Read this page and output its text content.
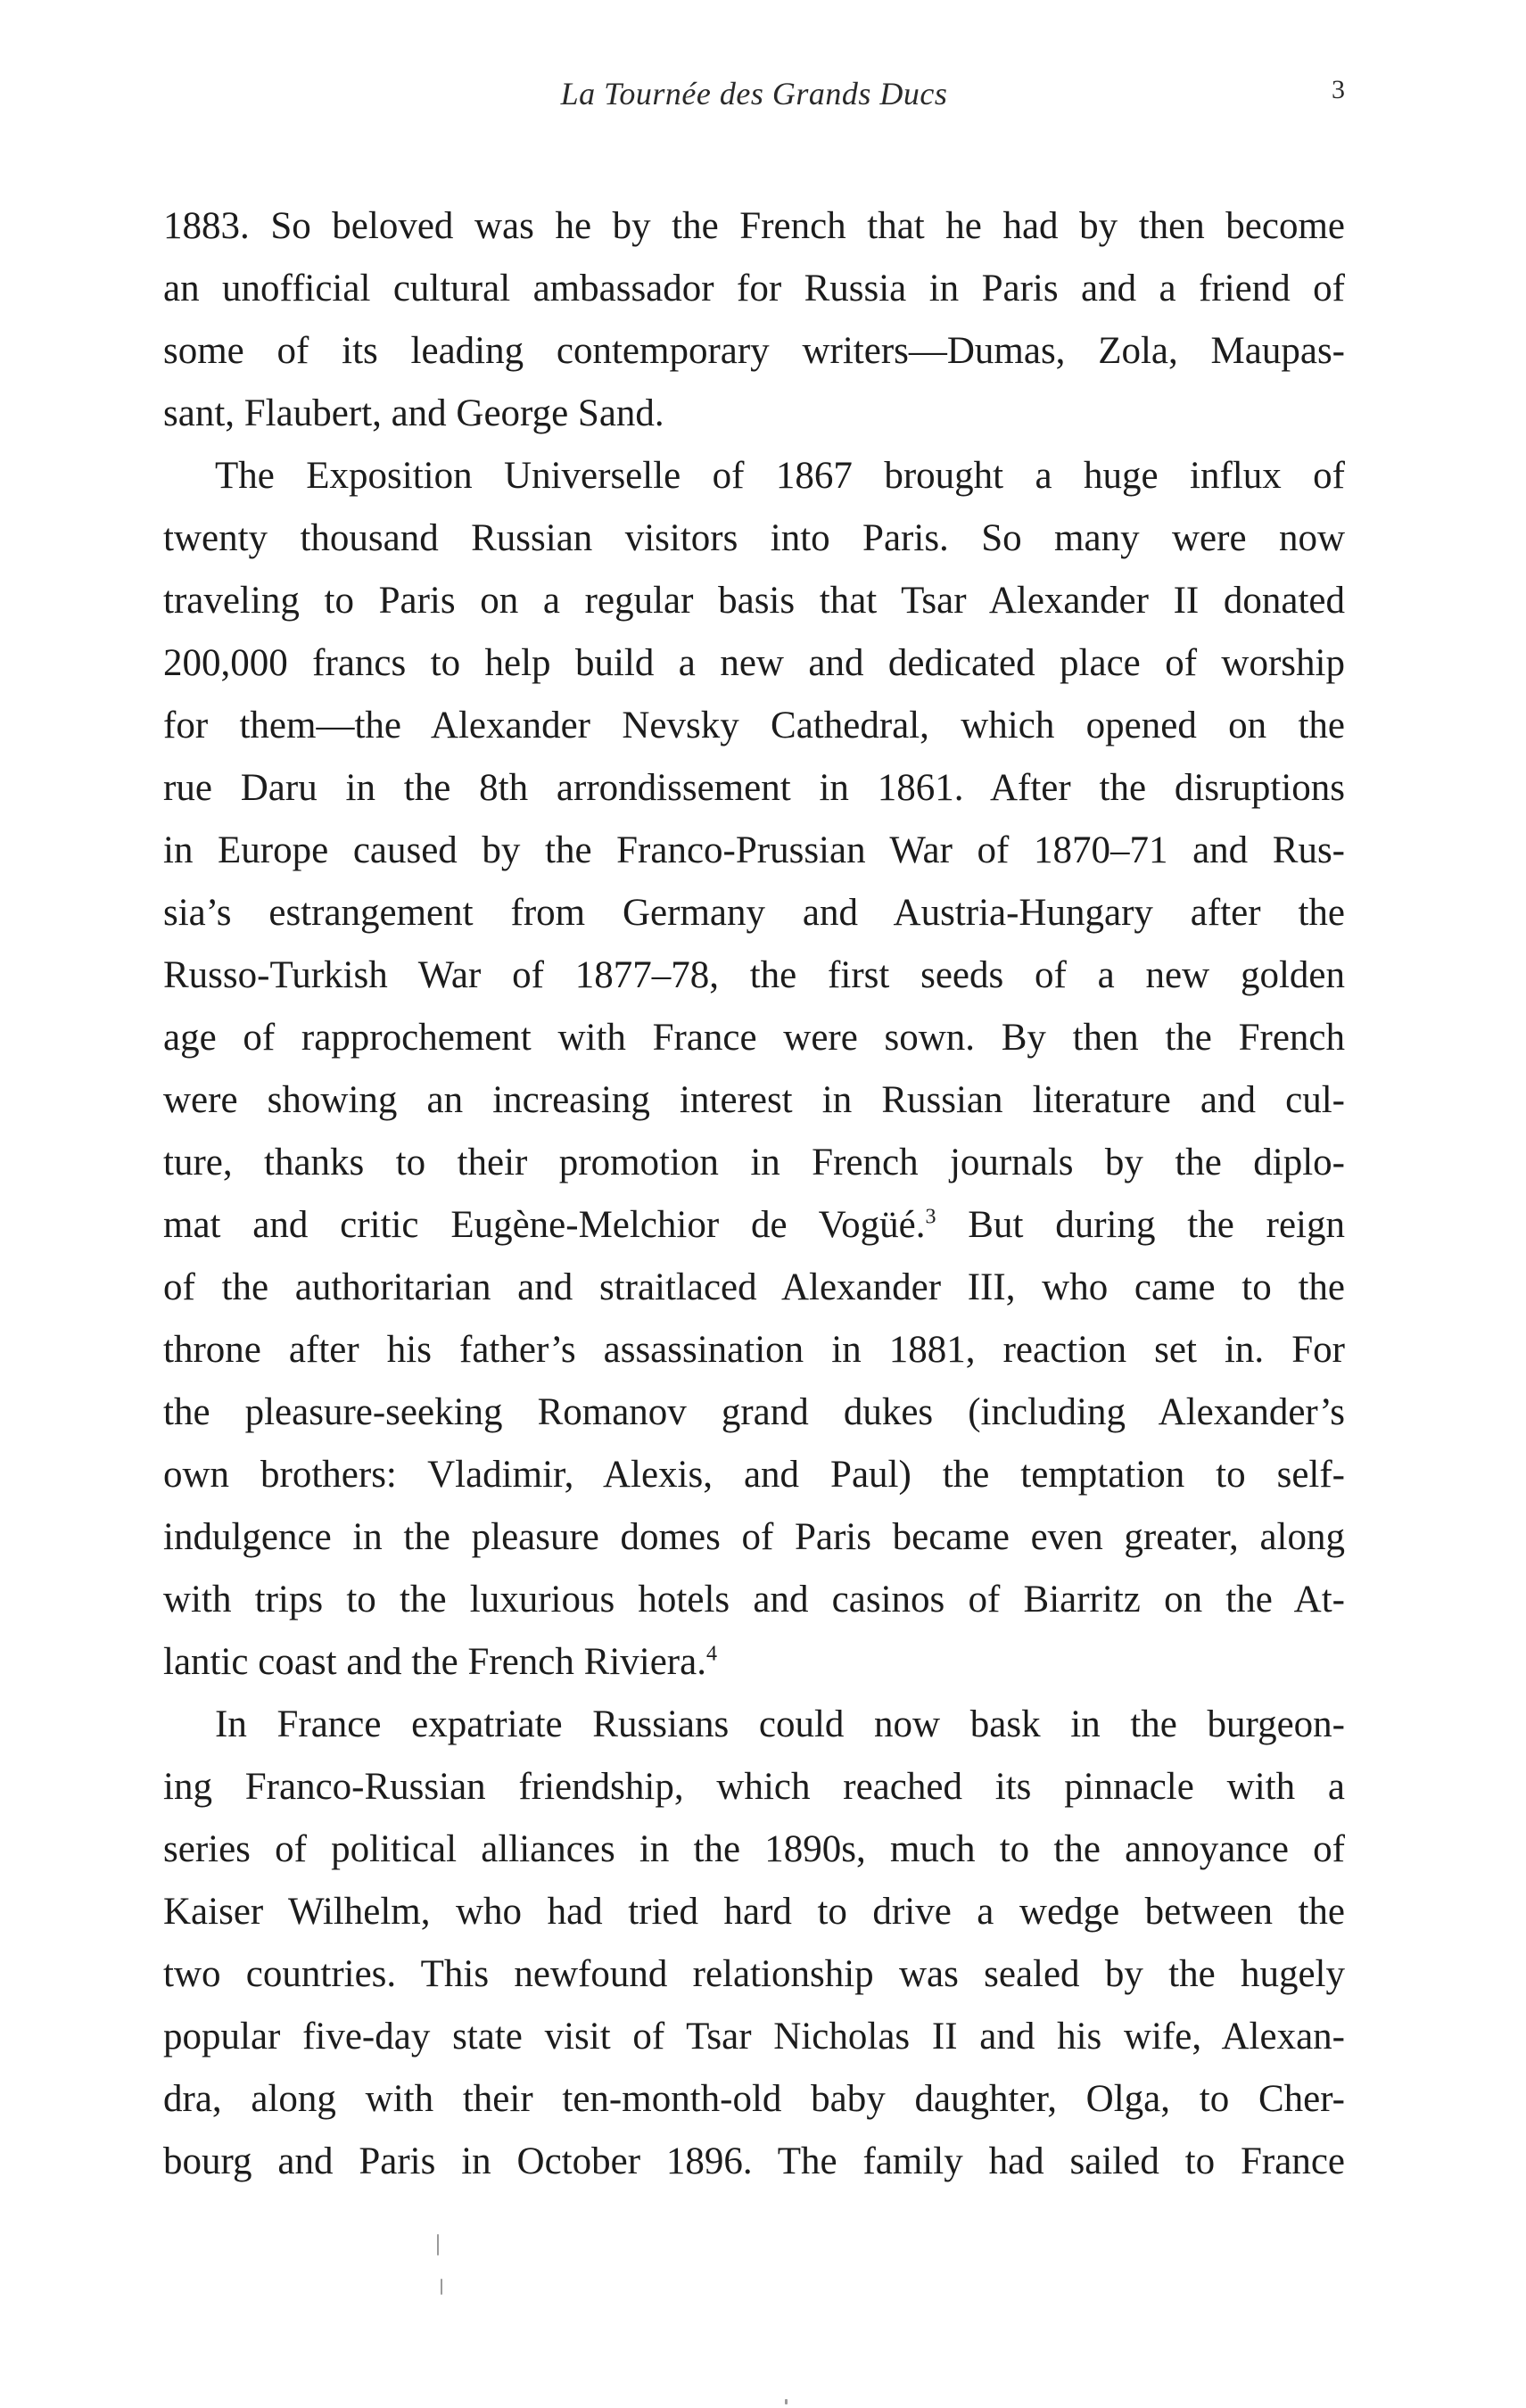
La Tournée des Grands Ducs	3
1883. So beloved was he by the French that he had by then become
an unofficial cultural ambassador for Russia in Paris and a friend of
some of its leading contemporary writers—Dumas, Zola, Maupas-
sant, Flaubert, and George Sand.
The Exposition Universelle of 1867 brought a huge influx of
twenty thousand Russian visitors into Paris. So many were now
traveling to Paris on a regular basis that Tsar Alexander II donated
200,000 francs to help build a new and dedicated place of worship
for them—the Alexander Nevsky Cathedral, which opened on the
rue Daru in the 8th arrondissement in 1861. After the disruptions
in Europe caused by the Franco-Prussian War of 1870–71 and Rus-
sia’s estrangement from Germany and Austria-Hungary after the
Russo-Turkish War of 1877–78, the first seeds of a new golden
age of rapprochement with France were sown. By then the French
were showing an increasing interest in Russian literature and cul-
ture, thanks to their promotion in French journals by the diplo-
mat and critic Eugène-Melchior de Vogüé.$^3$ But during the reign
of the authoritarian and straitlaced Alexander III, who came to the
throne after his father’s assassination in 1881, reaction set in. For
the pleasure-seeking Romanov grand dukes (including Alexander’s
own brothers: Vladimir, Alexis, and Paul) the temptation to self-
indulgence in the pleasure domes of Paris became even greater, along
with trips to the luxurious hotels and casinos of Biarritz on the At-
lantic coast and the French Riviera.$^4$
In France expatriate Russians could now bask in the burgeon-
ing Franco-Russian friendship, which reached its pinnacle with a
series of political alliances in the 1890s, much to the annoyance of
Kaiser Wilhelm, who had tried hard to drive a wedge between the
two countries. This newfound relationship was sealed by the hugely
popular five-day state visit of Tsar Nicholas II and his wife, Alexan-
dra, along with their ten-month-old baby daughter, Olga, to Cher-
bourg and Paris in October 1896. The family had sailed to France
